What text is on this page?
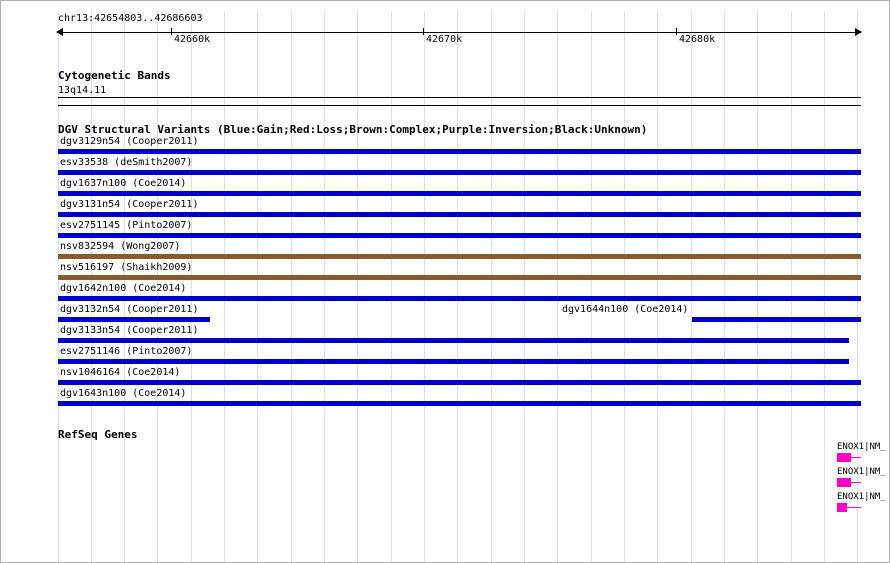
chr13:42654803..42686603
42660k	42670k	42680k
Cytogenetic Bands
13q14.11
DGV Structural Variants (Blue:Gain;Red:Loss;Brown:Complex;Purple:Inversion;Black:Unknown)
dgv3129n54 (Cooper2011)
esv33538 (deSmith2007)
dgv1637n100 (Coe2014)
dgv3131n54 (Cooper2011)
esv2751145 (Pinto2007)
nsv832594 (Wong2007)
nsv516197 (Shaikh2009)
dgv1642n100 (Coe2014)
dgv3132n54 (Cooper2011)	dgv1644n100 (Coe2014)
dgv3133n54 (Cooper2011)
esv2751146 (Pinto2007)
nsv1046164 (Coe2014)
dgv1643n100 (Coe2014)
RefSeq Genes
ENOX1|NM_
ENOX1|NM_
ENOX1|NM_
